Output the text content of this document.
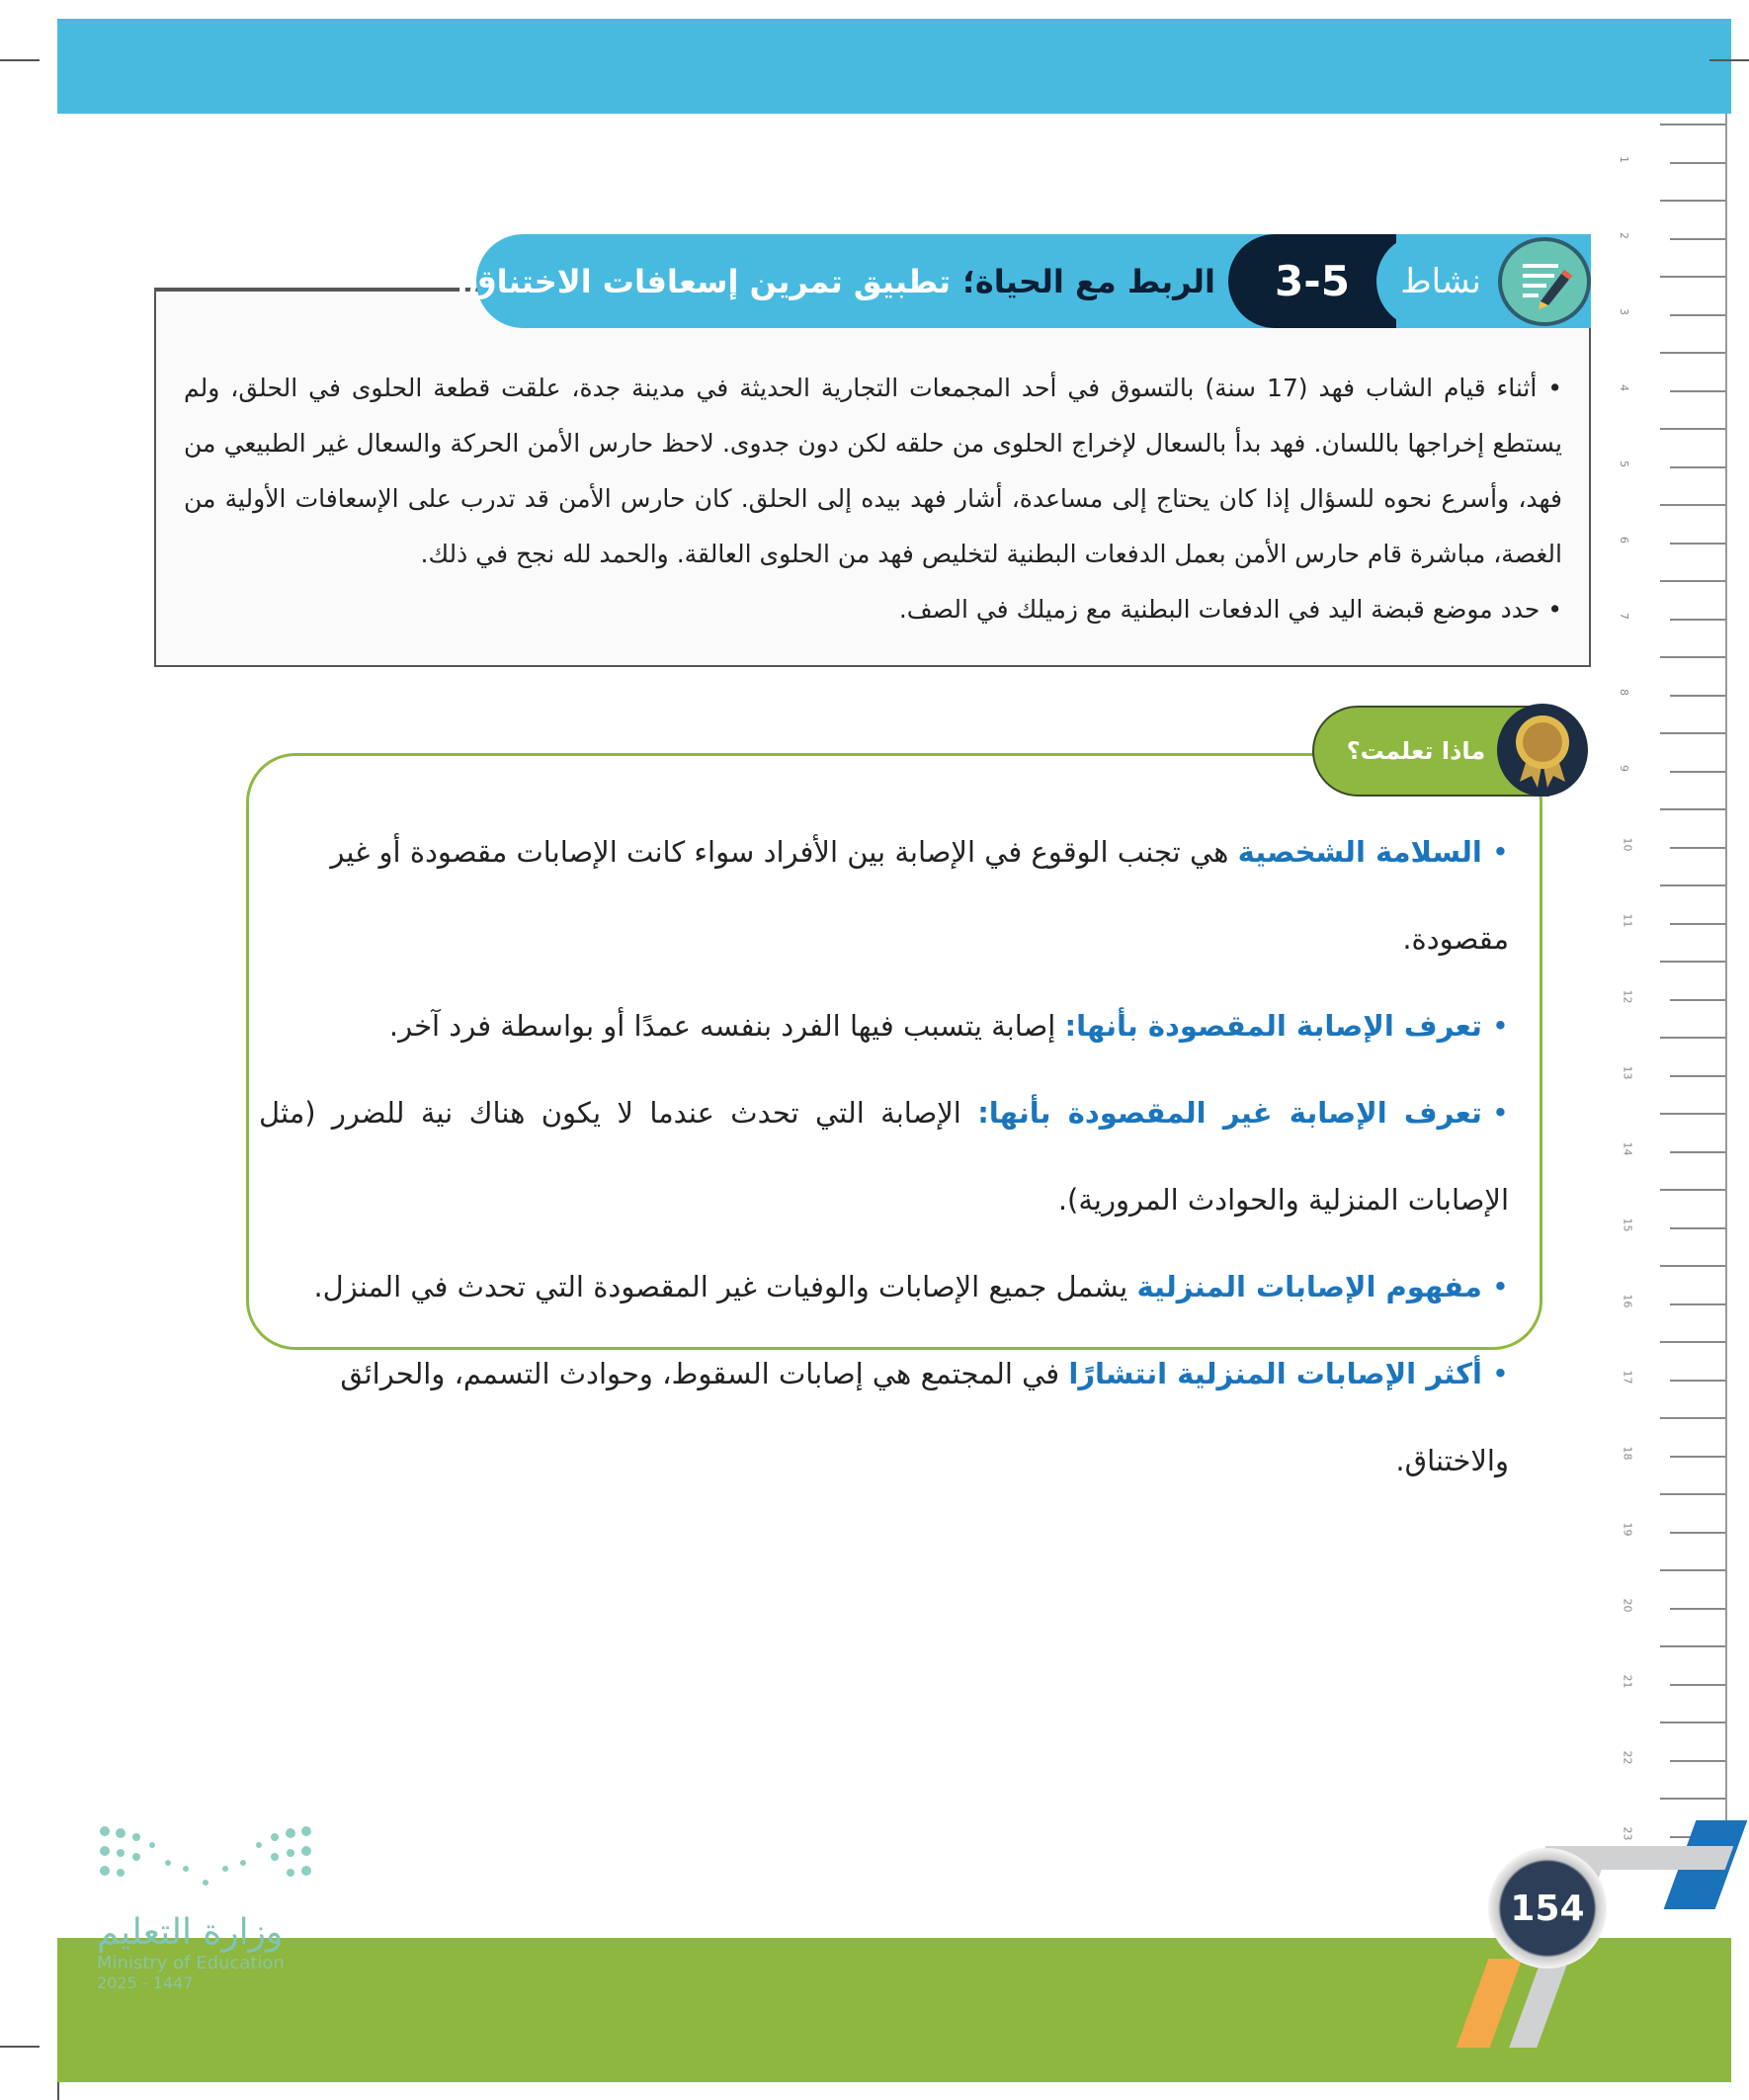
1
2
3
4
5
6
7
8
9
10
11
12
13
14
15
16
17
18
19
20
21
22
23
الربط مع الحياة؛
تطبيق تمرين إسعافات الاختناق.	3-5	نشاط

• أثناء قيام الشاب فهد (17 سنة) بالتسوق في أحد المجمعات التجارية الحديثة في مدينة جدة، علقت قطعة الحلوى في الحلق، ولم يستطع إخراجها باللسان. فهد بدأ بالسعال لإخراج الحلوى من حلقه لكن دون جدوى. لاحظ حارس الأمن الحركة والسعال غير الطبيعي من فهد، وأسرع نحوه للسؤال إذا كان يحتاج إلى مساعدة، أشار فهد بيده إلى الحلق. كان حارس الأمن قد تدرب على الإسعافات الأولية من الغصة، مباشرة قام حارس الأمن بعمل الدفعات البطنية لتخليص فهد من الحلوى العالقة. والحمد لله نجح في ذلك.

• حدد موضع قبضة اليد في الدفعات البطنية مع زميلك في الصف.

ماذا تعلمت؟
•السلامة الشخصية هي تجنب الوقوع في الإصابة بين الأفراد سواء كانت الإصابات مقصودة أو غير مقصودة.
•تعرف الإصابة المقصودة بأنها: إصابة يتسبب فيها الفرد بنفسه عمدًا أو بواسطة فرد آخر.
•تعرف الإصابة غير المقصودة بأنها: الإصابة التي تحدث عندما لا يكون هناك نية للضرر (مثل الإصابات المنزلية والحوادث المرورية).
•مفهوم الإصابات المنزلية يشمل جميع الإصابات والوفيات غير المقصودة التي تحدث في المنزل.
•أكثر الإصابات المنزلية انتشارًا في المجتمع هي إصابات السقوط، وحوادث التسمم، والحرائق والاختناق.
154
وزارة التعليم
Ministry of Education
2025 - 1447
